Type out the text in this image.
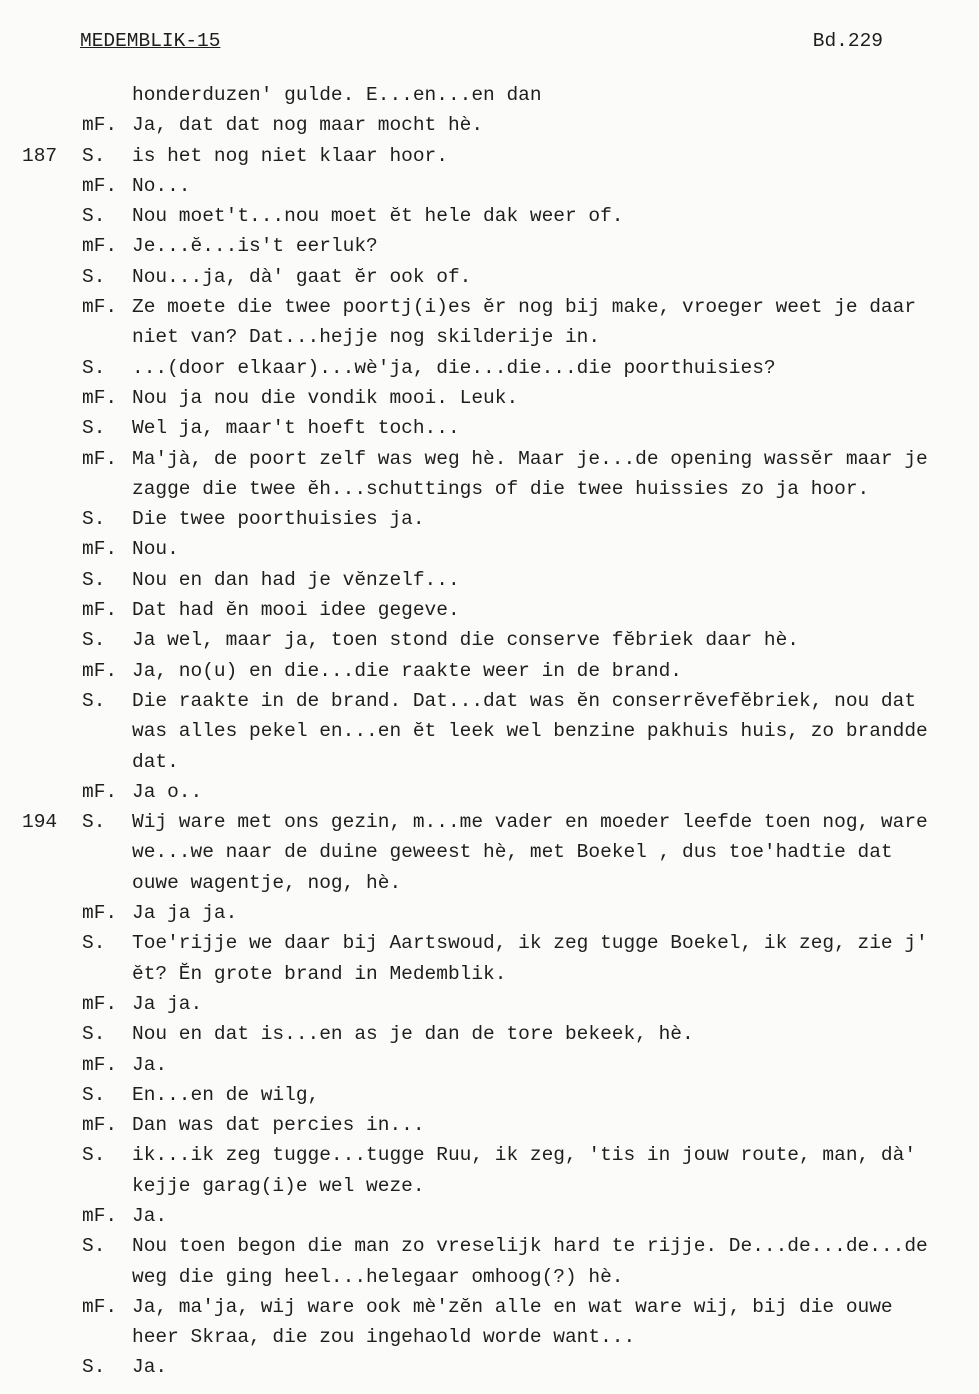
MEDEMBLIK-15	Bd.229
honderduzen' gulde. E...en...en dan
mF. Ja, dat dat nog maar mocht hè.
187 S. is het nog niet klaar hoor.
mF. No...
S. Nou moet't...nou moet ĕt hele dak weer of.
mF. Je...ĕ...is't eerluk?
S. Nou...ja, dà' gaat ĕr ook of.
mF. Ze moete die twee poortj(i)es ĕr nog bij make, vroeger weet je daar
niet van? Dat...hejje nog skilderije in.
S. ...(door elkaar)...wè'ja, die...die...die poorthuisies?
mF. Nou ja nou die vondik mooi. Leuk.
S. Wel ja, maar't hoeft toch...
mF. Ma'jà, de poort zelf was weg hè. Maar je...de opening wassĕr maar je
zagge die twee ĕh...schuttings of die twee huissies zo ja hoor.
S. Die twee poorthuisies ja.
mF. Nou.
S. Nou en dan had je vĕnzelf...
mF. Dat had ĕn mooi idee gegeve.
S. Ja wel, maar ja, toen stond die conserve fĕbriek daar hè.
mF. Ja, no(u) en die...die raakte weer in de brand.
S. Die raakte in de brand. Dat...dat was ĕn conserrĕvefĕbriek, nou dat
was alles pekel en...en ĕt leek wel benzine pakhuis huis, zo brandde
dat.
mF. Ja o..
194 S. Wij ware met ons gezin, m...me vader en moeder leefde toen nog, ware
we...we naar de duine geweest hè, met Boekel , dus toe'hadtie dat
ouwe wagentje, nog, hè.
mF. Ja ja ja.
S. Toe'rijje we daar bij Aartswoud, ik zeg tugge Boekel, ik zeg, zie j'
ĕt? Ĕn grote brand in Medemblik.
mF. Ja ja.
S. Nou en dat is...en as je dan de tore bekeek, hè.
mF. Ja.
S. En...en de wilg,
mF. Dan was dat percies in...
S. ik...ik zeg tugge...tugge Ruu, ik zeg, 'tis in jouw route, man, dà'
kejje garag(i)e wel weze.
mF. Ja.
S. Nou toen begon die man zo vreselijk hard te rijje. De...de...de...de
weg die ging heel...helegaar omhoog(?) hè.
mF. Ja, ma'ja, wij ware ook mè'zĕn alle en wat ware wij, bij die ouwe
heer Skraa, die zou ingehaold worde want...
S. Ja.
